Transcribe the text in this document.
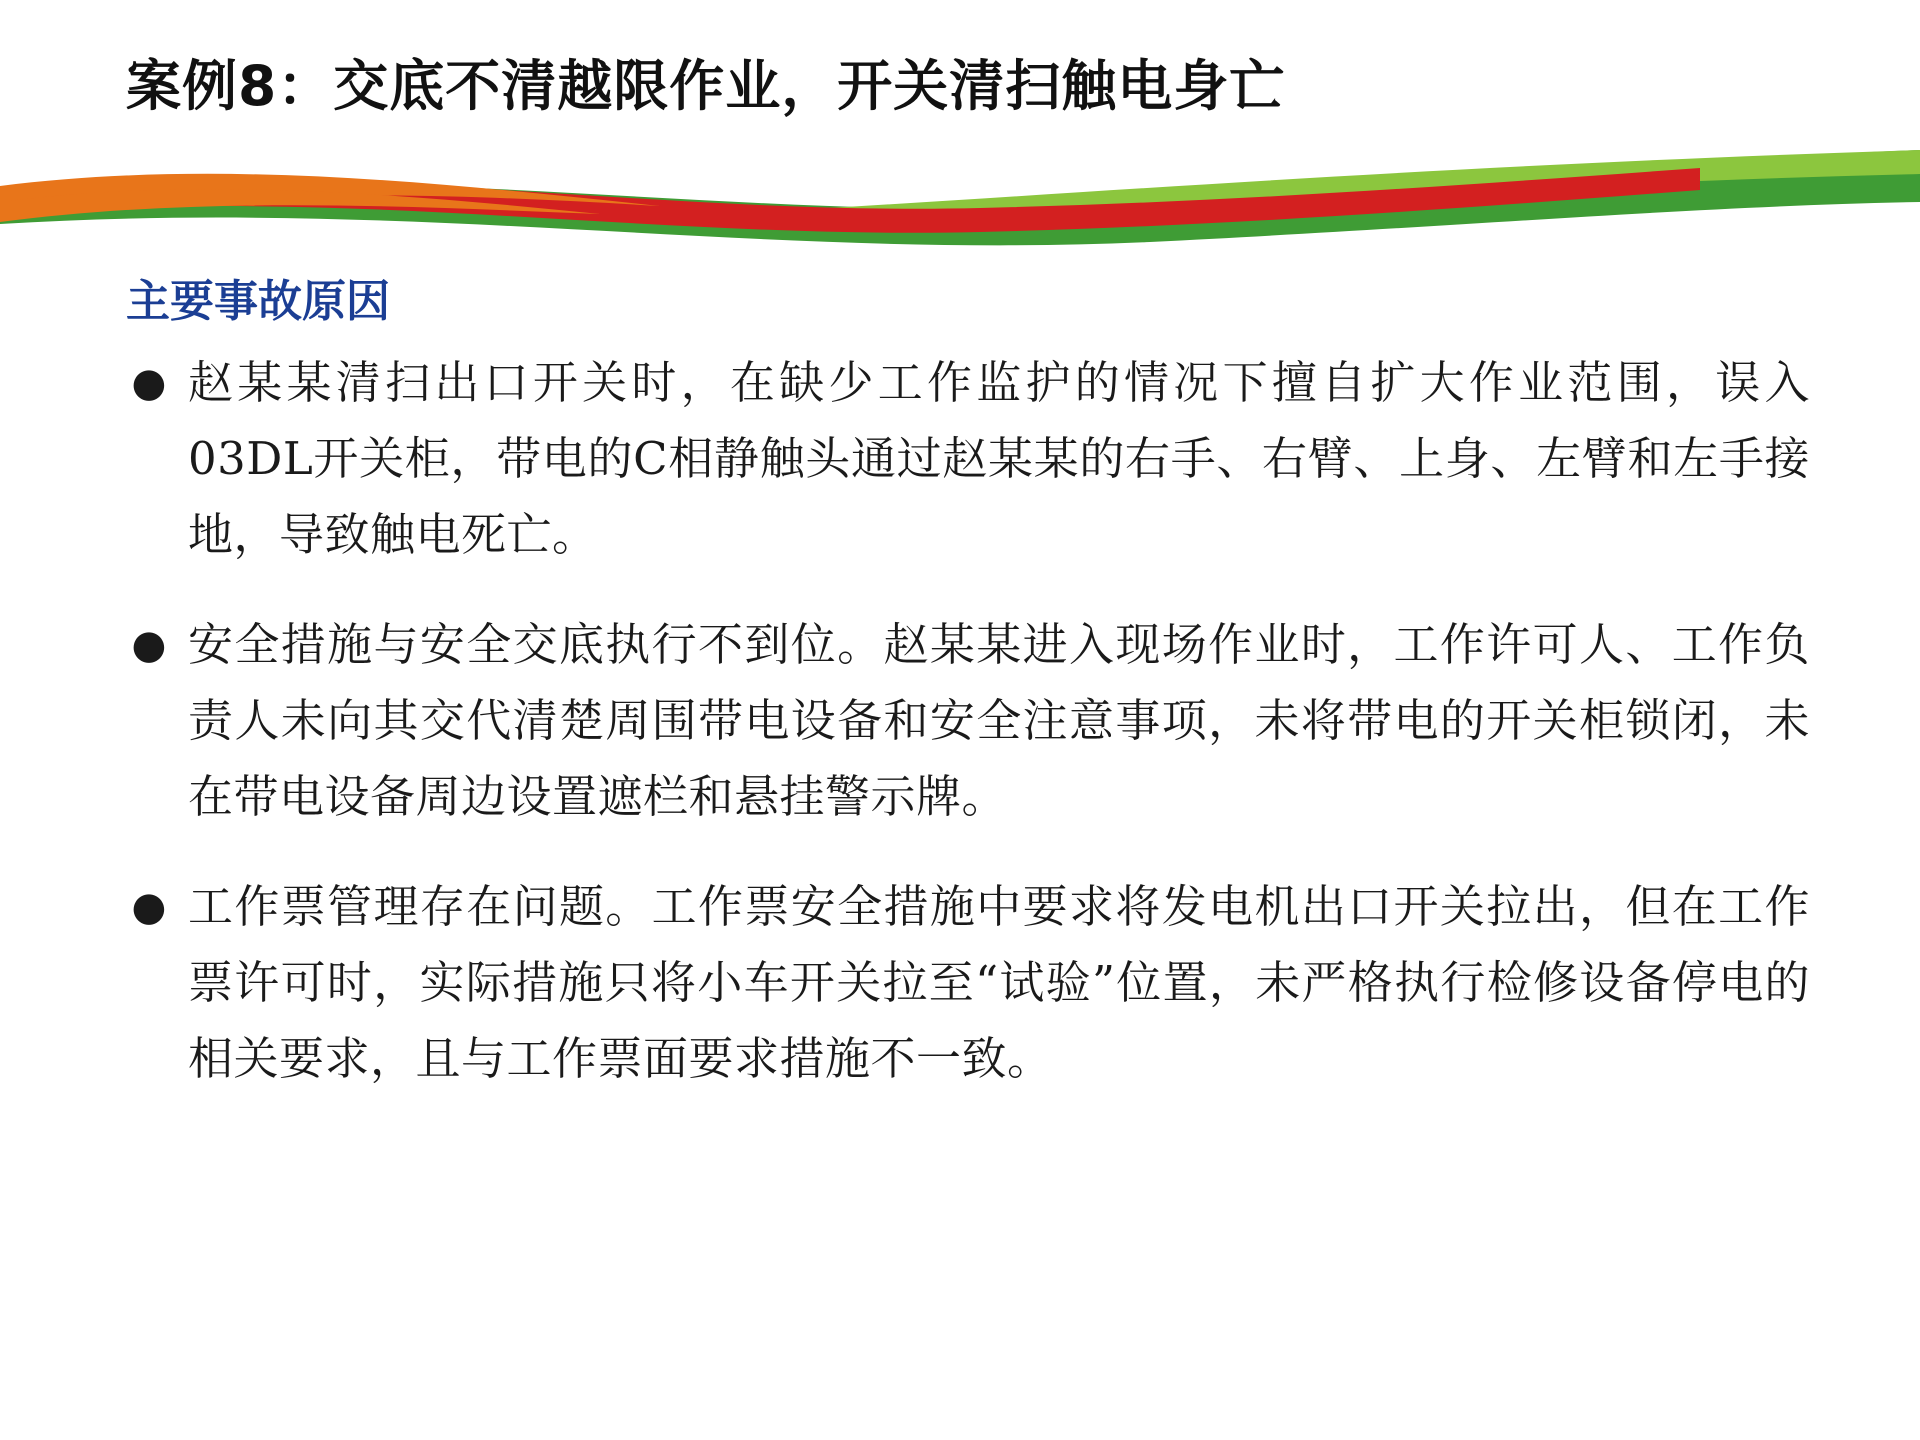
案例8：交底不清越限作业，开关清扫触电身亡
主要事故原因
● 赵某某清扫出口开关时，在缺少工作监护的情况下擅自扩大作业范围，误入03DL开关柜，带电的C相静触头通过赵某某的右手、右臂、上身、左臂和左手接地，导致触电死亡。
● 安全措施与安全交底执行不到位。赵某某进入现场作业时，工作许可人、工作负责人未向其交代清楚周围带电设备和安全注意事项，未将带电的开关柜锁闭，未在带电设备周边设置遮栏和悬挂警示牌。
● 工作票管理存在问题。工作票安全措施中要求将发电机出口开关拉出，但在工作票许可时，实际措施只将小车开关拉至“试验”位置，未严格执行检修设备停电的相关要求，且与工作票面要求措施不一致。
